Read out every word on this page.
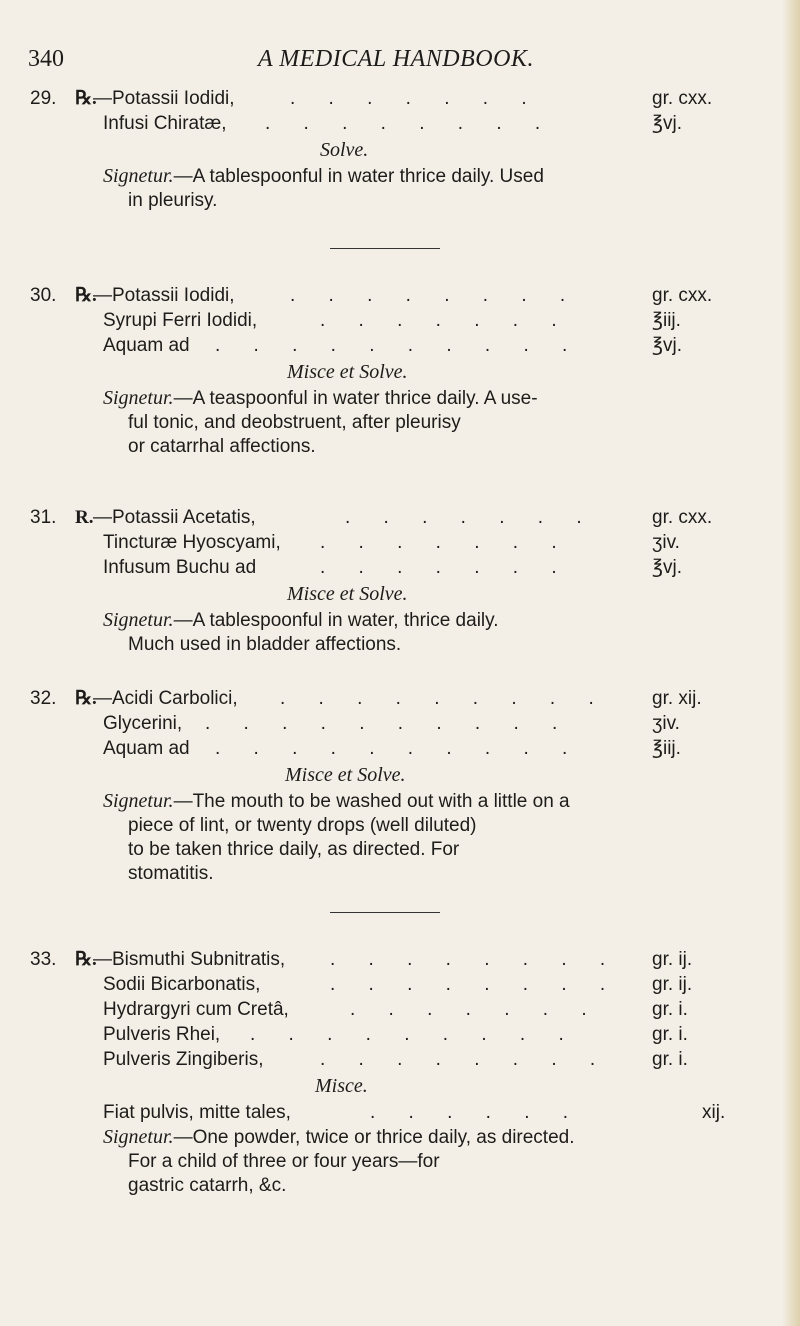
340	A MEDICAL HANDBOOK.
29. ℞.
—Potassii Iodidi,	. . . . . . .	gr. cxx.
Infusi Chiratæ, . . . . . . . .	℥vj.
Solve.
Signetur.—A tablespoonful in water thrice daily. Used
in pleurisy.
30. ℞.
—Potassii Iodidi,	. . . . . . . .	gr. cxx.
Syrupi Ferri Iodidi,	. . . . . . .	℥iij.
Aquam ad . . . . . . . . . .	℥vj.
Misce et Solve.
Signetur.—A teaspoonful in water thrice daily. A use-
ful tonic, and deobstruent, after pleurisy
or catarrhal affections.
31. R. —Potassii Acetatis,	. . . . . . .	gr. cxx.
Tincturæ Hyoscyami, . . . . . . .	ʒiv.
Infusum Buchu ad	. . . . . . .	℥vj.
Misce et Solve.
Signetur.—A tablespoonful in water, thrice daily.
Much used in bladder affections.
32. ℞.
—Acidi Carbolici, . . . . . . . . . gr. xij.
Glycerini, . . . . . . . . . .	ʒiv.
Aquam ad . . . . . . . . . .	℥iij.
Misce et Solve.
Signetur.—The mouth to be washed out with a little on a
piece of lint, or twenty drops (well diluted)
to be taken thrice daily, as directed. For
stomatitis.
33. ℞.
—Bismuthi Subnitratis, . . . . . . . . gr. ij.
Sodii Bicarbonatis,	. . . . . . . . gr. ij.
Hydrargyri cum Cretâ,	. . . . . . .	gr. i.
Pulveris Rhei, . . . . . . . . .	gr. i.
Pulveris Zingiberis,	. . . . . . . . gr. i.
Misce.
Fiat pulvis, mitte tales,	. . . . . .	xij.
Signetur.—One powder, twice or thrice daily, as directed.
For a child of three or four years—for
gastric catarrh, &c.
